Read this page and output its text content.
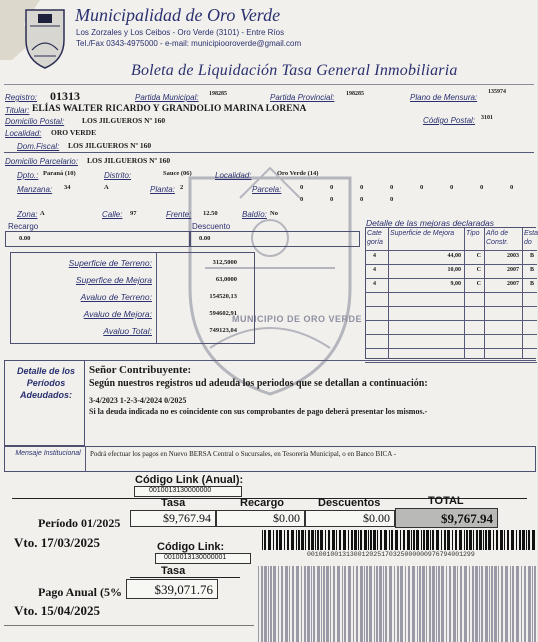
Municipalidad de Oro Verde
Los Zorzales y Los Ceibos - Oro Verde (3101) - Entre Ríos
Tel./Fax 0343-4975000 - e-mail: municipiooroverde@gmail.com
Boleta de Liquidación Tasa General Inmobiliaria
Registro: 01313	Partida Municipal: 198285	Partida Provincial: 198285	Plano de Mensura:
135974
Titular: ELÍAS WALTER RICARDO Y GRANDOLIO MARINA LORENA
Domicilio Postal: LOS JILGUEROS Nº 160	Código Postal: 3101
Localidad: ORO VERDE
Dom.Fiscal: LOS JILGUEROS Nº 160
MUNICIPIO DE ORO VERDE
Domicilio Parcelario: LOS JILGUEROS Nº 160
Dpto.: Paraná (10)	Distrito:	Sauce (06)	Localidad:	Oro Verde (14)
Manzana: 34	A	Planta: 2	Parcela:	0	0	0	0	0	0	0	0
0	0	0	0
Zona: A	Calle: 97	Frente: 12.50	Baldío: No
Recargo
0.00
Descuento
0.00
Superficie de Terreno:	312,5000
Superfice de Mejora	63,0000
Avaluo de Terreno:	154520,13
Avaluo de Mejora:	594602,91
Avaluo Total:	749123,04
Detalle de las mejoras declaradas
Cate goría
Superficie de Mejora	Tipo Año de Constr.
Esta do
4	44,00	C	2003 B
4	10,00	C	2007 B
4	9,00	C	2007 B
Detalle de los Períodos Adeudados:
Señor Contribuyente:
Según nuestros registros ud adeuda los periodos que se detallan a continuación:
3-4/2023 1-2-3-4/2024 0/2025
Si la deuda indicada no es coincidente con sus comprobantes de pago deberá presentar los mismos.-
Mensaje Institucional Podrá efectuar los pagos en Nuevo BERSA Central o Sucursales, en Tesorería Municipal, o en Banco BICA -
Código Link (Anual):
0010013130000000
Tasa	Recargo	Descuentos	TOTAL
Período 01/2025	$9,767.94	$0.00	$0.00	$9,767.94
Vto. 17/03/2025
0010010013130012025170325000000976794001299
Código Link:
0010013130000001
Tasa
Pago Anual (5%	$39,071.76
Vto. 15/04/2025
